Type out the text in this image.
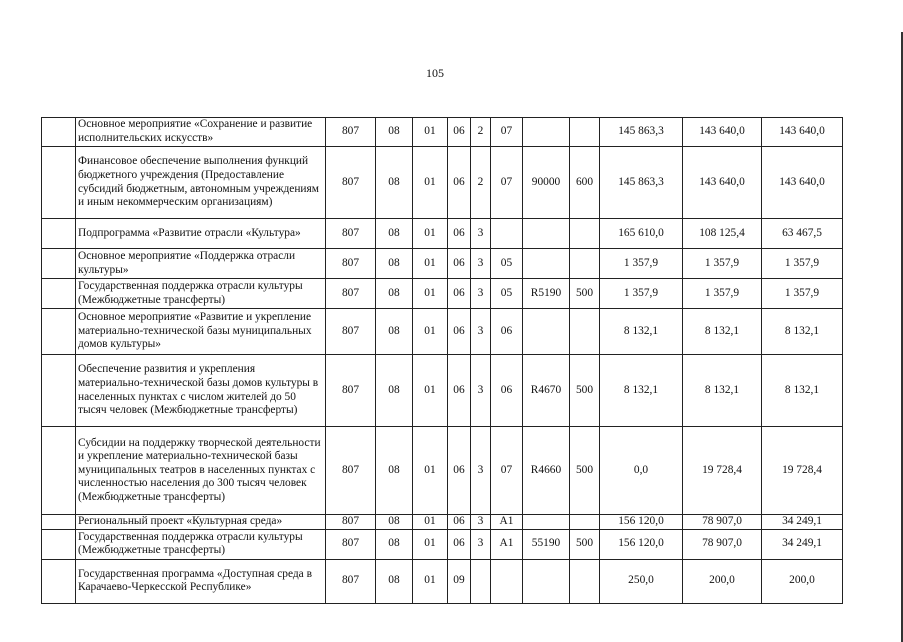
105
	Основное мероприятие «Сохранение и развитие исполнительских искусств»	807	08	01	06	2	07			145 863,3	143 640,0	143 640,0
	Финансовое обеспечение выполнения функций бюджетного учреждения (Предоставление субсидий бюджетным, автономным учреждениям и иным некоммерческим организациям)	807	08	01	06	2	07	90000	600	145 863,3	143 640,0	143 640,0
	Подпрограмма «Развитие отрасли «Культура»	807	08	01	06	3				165 610,0	108 125,4	63 467,5
	Основное мероприятие «Поддержка отрасли культуры»	807	08	01	06	3	05			1 357,9	1 357,9	1 357,9
	Государственная поддержка отрасли культуры (Межбюджетные трансферты)	807	08	01	06	3	05	R5190	500	1 357,9	1 357,9	1 357,9
	Основное мероприятие «Развитие и укрепление материально-технической базы муниципальных домов культуры»	807	08	01	06	3	06			8 132,1	8 132,1	8 132,1
	Обеспечение развития и укрепления материально-технической базы домов культуры в населенных пунктах с числом жителей до 50 тысяч человек (Межбюджетные трансферты)	807	08	01	06	3	06	R4670	500	8 132,1	8 132,1	8 132,1
	Субсидии на поддержку творческой деятельности и укрепление материально-технической базы муниципальных театров в населенных пунктах с численностью населения до 300 тысяч человек (Межбюджетные трансферты)	807	08	01	06	3	07	R4660	500	0,0	19 728,4	19 728,4
	Региональный проект «Культурная среда»	807	08	01	06	3	A1			156 120,0	78 907,0	34 249,1
	Государственная поддержка отрасли культуры (Межбюджетные трансферты)	807	08	01	06	3	A1	55190	500	156 120,0	78 907,0	34 249,1
	Государственная программа «Доступная среда в Карачаево-Черкесской Республике»	807	08	01	09					250,0	200,0	200,0
